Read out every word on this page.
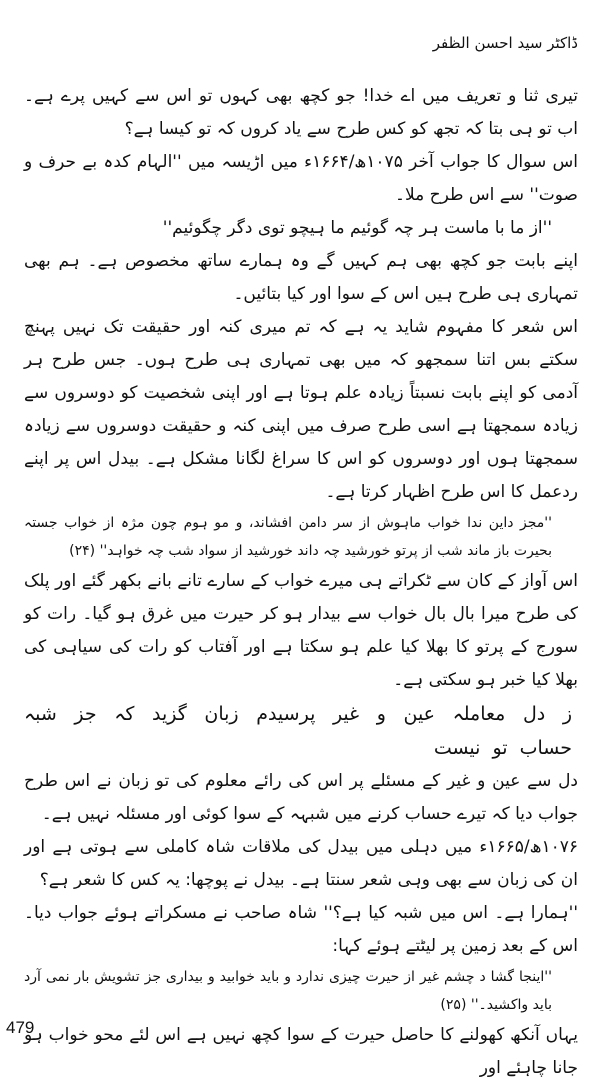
ڈاکٹر سید احسن الظفر

تیری ثنا و تعریف میں اے خدا! جو کچھ بھی کہوں تو اس سے کہیں پرے ہے۔ اب تو ہی بتا کہ تجھ کو کس طرح سے یاد کروں کہ تو کیسا ہے؟

اس سوال کا جواب آخر ۱۰۷۵ھ/۱۶۶۴ء میں اڑیسہ میں ''الہام کدہ بے حرف و صوت'' سے اس طرح ملا۔

''از ما با ماست ہر چہ گوئیم ما ہیچو توی دگر چگوئیم''

اپنے بابت جو کچھ بھی ہم کہیں گے وہ ہمارے ساتھ مخصوص ہے۔ ہم بھی تمہاری ہی طرح ہیں اس کے سوا اور کیا بتائیں۔

اس شعر کا مفہوم شاید یہ ہے کہ تم میری کنہ اور حقیقت تک نہیں پہنچ سکتے بس اتنا سمجھو کہ میں بھی تمہاری ہی طرح ہوں۔ جس طرح ہر آدمی کو اپنے بابت نسبتاً زیادہ علم ہوتا ہے اور اپنی شخصیت کو دوسروں سے زیادہ سمجھتا ہے اسی طرح صرف میں اپنی کنہ و حقیقت دوسروں سے زیادہ سمجھتا ہوں اور دوسروں کو اس کا سراغ لگانا مشکل ہے۔ بیدل اس پر اپنے ردعمل کا اس طرح اظہار کرتا ہے۔

''مجز داین ندا خواب ماہوش از سر دامن افشاند، و مو ہوم چون مژہ از خواب جستہ بحیرت باز ماند شب از پرتو خورشید چہ داند خورشید از سواد شب چہ خواہد'' (۲۴)

اس آواز کے کان سے ٹکراتے ہی میرے خواب کے سارے تانے بانے بکھر گئے اور پلک کی طرح میرا بال بال خواب سے بیدار ہو کر حیرت میں غرق ہو گیا۔ رات کو سورج کے پرتو کا بھلا کیا علم ہو سکتا ہے اور آفتاب کو رات کی سیاہی کی بھلا کیا خبر ہو سکتی ہے۔

ز دل معاملہ عین و غیر پرسیدم زبان گزید کہ جز شبہ حساب تو نیست

دل سے عین و غیر کے مسئلے پر اس کی رائے معلوم کی تو زبان نے اس طرح جواب دیا کہ تیرے حساب کرنے میں شبہہ کے سوا کوئی اور مسئلہ نہیں ہے۔

۱۰۷۶ھ/۱۶۶۵ء میں دہلی میں بیدل کی ملاقات شاہ کاملی سے ہوتی ہے اور ان کی زبان سے بھی وہی شعر سنتا ہے۔ بیدل نے پوچھا: یہ کس کا شعر ہے؟

''ہمارا ہے۔ اس میں شبہ کیا ہے؟'' شاہ صاحب نے مسکراتے ہوئے جواب دیا۔ اس کے بعد زمین پر لیٹتے ہوئے کہا:

''اینجا گشا د چشم غیر از حیرت چیزی ندارد و باید خوابید و بیداری جز تشویش بار نمی آرد باید واکشید۔'' (۲۵)

یہاں آنکھ کھولنے کا حاصل حیرت کے سوا کچھ نہیں ہے اس لئے محو خواب ہو جانا چاہئے اور

479
